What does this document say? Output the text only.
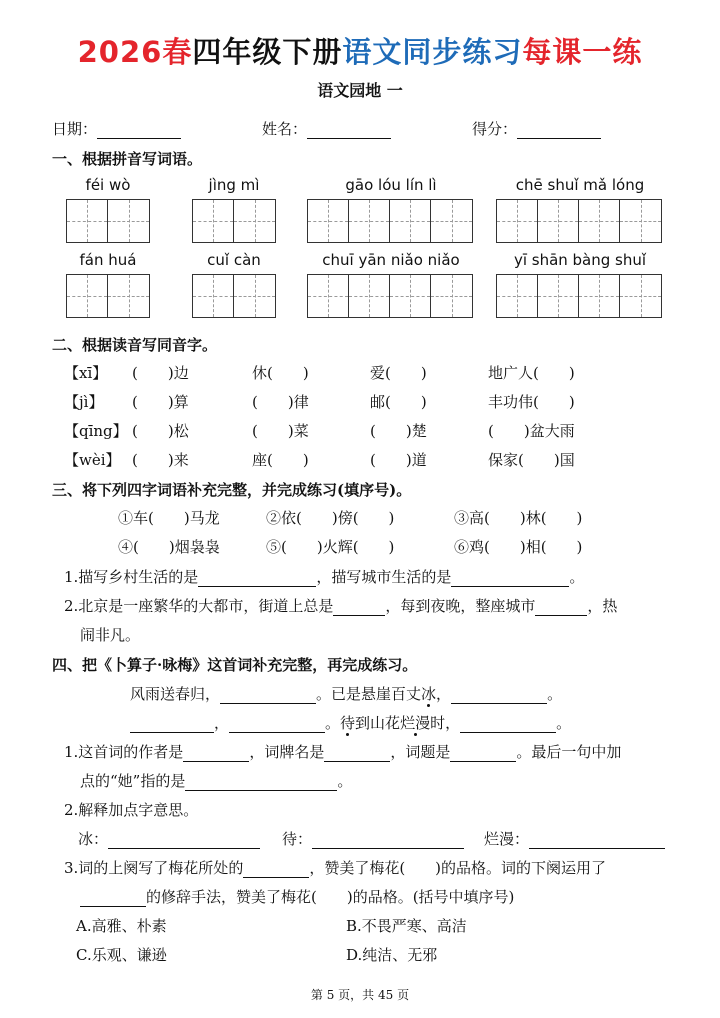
2026春四年级下册语文同步练习每课一练
语文园地 一
日期：	姓名：	得分：
一、根据拼音写词语。
féi wò	jìng mì	gāo lóu lín lì	chē shuǐ mǎ lóng
fán huá	cuǐ càn	chuī yān niǎo niǎo	yī shān bàng shuǐ
二、根据读音写同音字。
【xī】 (　　)边	休(　　)	爱(　　)	地广人(　　)
【jì】 (　　)算	(　　)律	邮(　　)	丰功伟(　　)
【qīng】 (　　)松	(　　)菜	(　　)楚	(　　)盆大雨
【wèi】 (　　)来	座(　　)	(　　)道	保家(　　)国
三、将下列四字词语补充完整，并完成练习(填序号)。
①车(　　)马龙	②依(　　)傍(　　)	③高(　　)林(　　)
④(　　)烟袅袅	⑤(　　)火辉(　　)	⑥鸡(　　)相(　　)
1.描写乡村生活的是	，描写城市生活的是	。
2.北京是一座繁华的大都市，街道上总是	，每到夜晚，整座城市	，热
闹非凡。
四、把《卜算子·咏梅》这首词补充完整，再完成练习。
风雨送春归，	。已是悬崖百丈冰，	。
，	。待到山花烂漫时，	。
1.这首词的作者是	，词牌名是	，词题是	。最后一句中加
点的“她”指的是	。
2.解释加点字意思。
冰：	待：	烂漫：
3.词的上阕写了梅花所处的	，赞美了梅花(　　)的品格。词的下阕运用了
的修辞手法，赞美了梅花(　　)的品格。(括号中填序号)
A.高雅、朴素	B.不畏严寒、高洁
C.乐观、谦逊	D.纯洁、无邪
第 5 页，共 45 页
